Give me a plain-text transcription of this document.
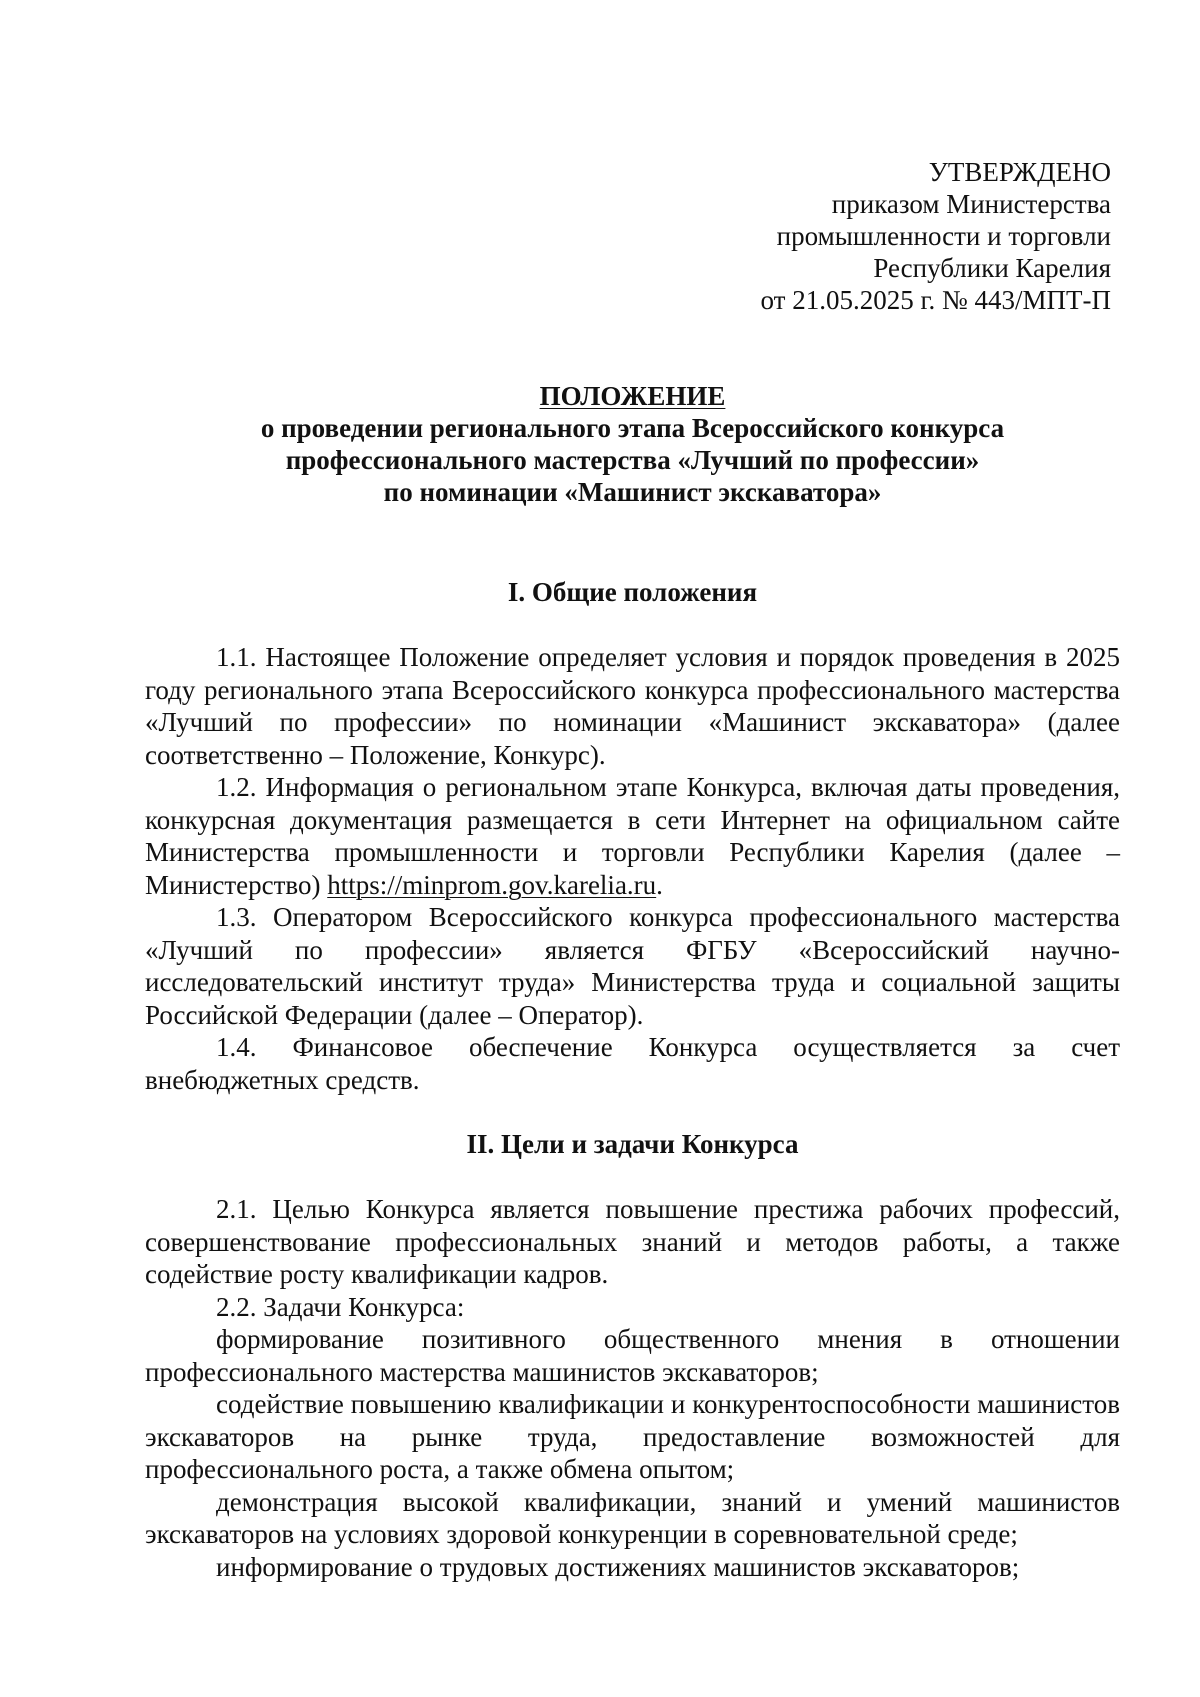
УТВЕРЖДЕНО
приказом Министерства
промышленности и торговли
Республики Карелия
от 21.05.2025 г. № 443/МПТ-П
ПОЛОЖЕНИЕ
о проведении регионального этапа Всероссийского конкурса
профессионального мастерства «Лучший по профессии»
по номинации «Машинист экскаватора»
I. Общие положения

1.1. Настоящее Положение определяет условия и порядок проведения в 2025 году регионального этапа Всероссийского конкурса профессионального мастерства «Лучший по профессии» по номинации «Машинист экскаватора» (далее соответственно – Положение, Конкурс).

1.2. Информация о региональном этапе Конкурса, включая даты проведения, конкурсная документация размещается в сети Интернет на официальном сайте Министерства промышленности и торговли Республики Карелия (далее – Министерство) https://minprom.gov.karelia.ru.

1.3. Оператором Всероссийского конкурса профессионального мастерства «Лучший по профессии» является ФГБУ «Всероссийский научно-исследовательский институт труда» Министерства труда и социальной защиты Российской Федерации (далее – Оператор).

1.4. Финансовое обеспечение Конкурса осуществляется за счет внебюджетных средств.

II. Цели и задачи Конкурса

2.1. Целью Конкурса является повышение престижа рабочих профессий, совершенствование профессиональных знаний и методов работы, а также содействие росту квалификации кадров.

2.2. Задачи Конкурса:

формирование позитивного общественного мнения в отношении профессионального мастерства машинистов экскаваторов;

содействие повышению квалификации и конкурентоспособности машинистов экскаваторов на рынке труда, предоставление возможностей для профессионального роста, а также обмена опытом;

демонстрация высокой квалификации, знаний и умений машинистов экскаваторов на условиях здоровой конкуренции в соревновательной среде;

информирование о трудовых достижениях машинистов экскаваторов;
